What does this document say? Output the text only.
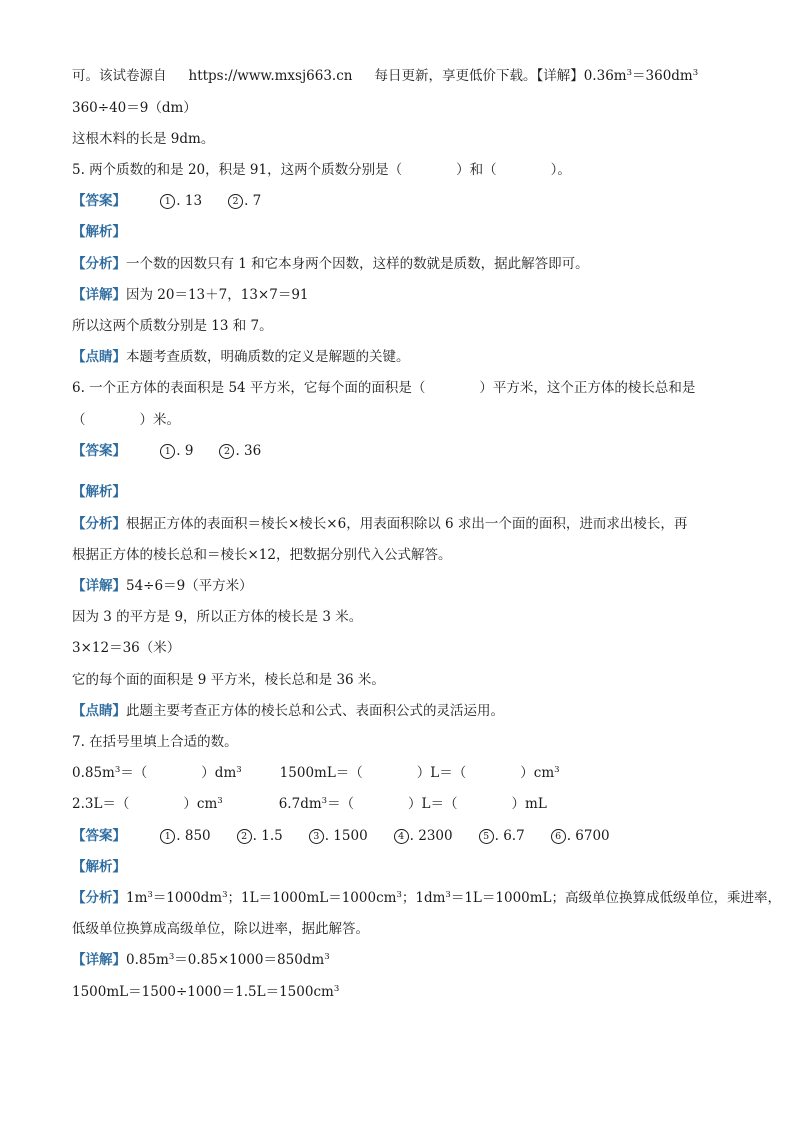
可。该试卷源自 https://www.mxsj663.cn 每日更新，享更低价下载。【详解】$0.36m^3=360dm^3$
360÷40＝9（dm）
这根木料的长是 9dm。
5. 两个质数的和是 20，积是 91，这两个质数分别是（　　　　）和（　　　　）。
【答案】	1 . 13	2 . 7
【解析】
【分析】一个数的因数只有 1 和它本身两个因数，这样的数就是质数，据此解答即可。
【详解】因为 20＝13＋7，13×7＝91
所以这两个质数分别是 13 和 7。
【点睛】本题考查质数，明确质数的定义是解题的关键。
6. 一个正方体的表面积是 54 平方米，它每个面的面积是（　　　　）平方米，这个正方体的棱长总和是
（　　　　）米。
【答案】	1 . 9	2 . 36
【解析】
【分析】根据正方体的表面积＝棱长×棱长×6，用表面积除以 6 求出一个面的面积，进而求出棱长，再
根据正方体的棱长总和＝棱长×12，把数据分别代入公式解答。
【详解】54÷6＝9（平方米）
因为 3 的平方是 9，所以正方体的棱长是 3 米。
3×12＝36（米）
它的每个面的面积是 9 平方米，棱长总和是 36 米。
【点睛】此题主要考查正方体的棱长总和公式、表面积公式的灵活运用。
7. 在括号里填上合适的数。
$0.85m^3=$（　　　　）$dm^3$	1500mL＝（　　　　）L＝（　　　　）$cm^3$
2.3L＝（　　　　）$cm^3$	$6.7dm^3=$（　　　　）L＝（　　　　）mL
【答案】	1 . 850	2 . 1.5	3 . 1500	4 . 2300	5 . 6.7	6 . 6700
【解析】
【分析】$1m^3=1000dm^3$；$1L=1000mL=1000cm^3$；$1dm^3=1L=1000mL$；高级单位换算成低级单位，乘进率，
低级单位换算成高级单位，除以进率，据此解答。
【详解】$0.85m^3=0.85\times 1000=850dm^3$
$1500mL=1500\div 1000=1.5L=1500cm^3$
